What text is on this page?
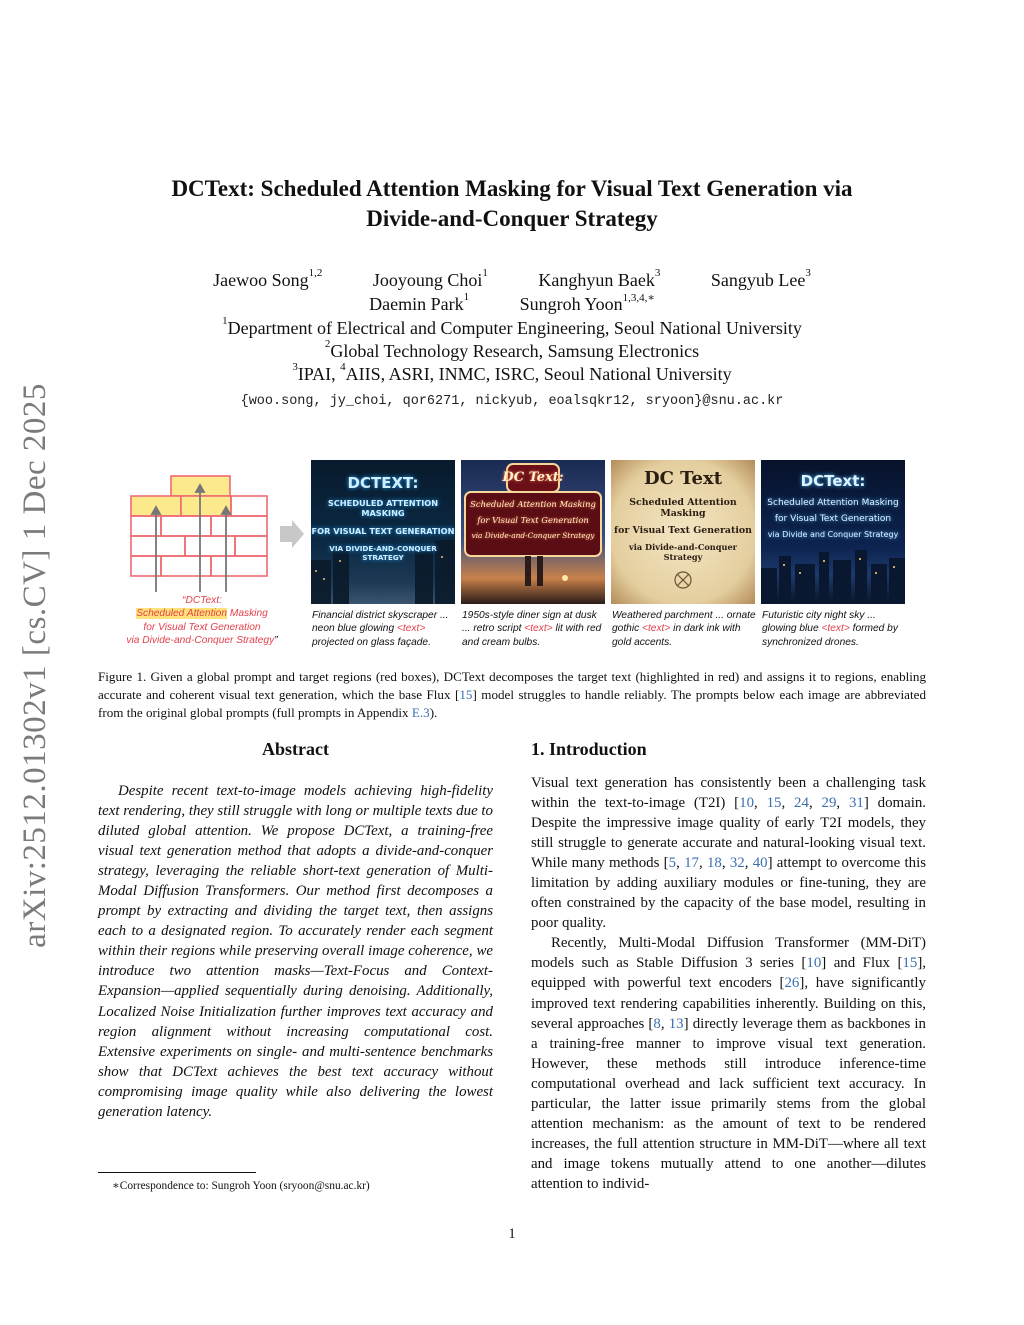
arXiv:2512.01302v1 [cs.CV] 1 Dec 2025
DCText: Scheduled Attention Masking for Visual Text Generation via
Divide-and-Conquer Strategy
Jaewoo Song$^{1,2}$	Jooyoung Choi$^1$	Kanghyun Baek$^3$	Sangyub Lee$^3$
Daemin Park$^1$	Sungroh Yoon$^{1,3,4,∗}$
$^1$Department of Electrical and Computer Engineering, Seoul National University
$^2$Global Technology Research, Samsung Electronics
$^3$IPAI, $^4$AIIS, ASRI, INMC, ISRC, Seoul National University
{woo.song, jy_choi, qor6271, nickyub, eoalsqkr12, sryoon}@snu.ac.kr
“DCText:
Scheduled Attention Masking
for Visual Text Generation
via Divide-and-Conquer Strategy”
DCTEXT:
SCHEDULED ATTENTION MASKING
FOR VISUAL TEXT GENERATION
VIA DIVIDE-AND-CONQUER STRATEGY
DC Text:
Scheduled Attention Masking
for Visual Text Generation
via Divide-and-Conquer Strategy
DC Text
Scheduled Attention Masking
for Visual Text Generation
via Divide-and-Conquer Strategy
DCText:
Scheduled Attention Masking
for Visual Text Generation
via Divide and Conquer Strategy
Financial district skyscraper ... neon blue glowing <text> projected on glass façade.
1950s-style diner sign at dusk ... retro script <text> lit with red and cream bulbs.
Weathered parchment ... ornate gothic <text> in dark ink with gold accents.
Futuristic city night sky ... glowing blue <text> formed by synchronized drones.
Figure 1. Given a global prompt and target regions (red boxes), DCText decomposes the target text (highlighted in red) and assigns it to regions, enabling accurate and coherent visual text generation, which the base Flux [15] model struggles to handle reliably. The prompts below each image are abbreviated from the original global prompts (full prompts in Appendix E.3).
Abstract
Despite recent text-to-image models achieving high-fidelity text rendering, they still struggle with long or multiple texts due to diluted global attention. We propose DCText, a training-free visual text generation method that adopts a divide-and-conquer strategy, leveraging the reliable short-text generation of Multi-Modal Diffusion Transformers. Our method first decomposes a prompt by extracting and dividing the target text, then assigns each to a designated region. To accurately render each segment within their regions while preserving overall image coherence, we introduce two attention masks—Text-Focus and Context-Expansion—applied sequentially during denoising. Additionally, Localized Noise Initialization further improves text accuracy and region alignment without increasing computational cost. Extensive experiments on single- and multi-sentence benchmarks show that DCText achieves the best text accuracy without compromising image quality while also delivering the lowest generation latency.
∗Correspondence to: Sungroh Yoon (sryoon@snu.ac.kr)
1. Introduction

Visual text generation has consistently been a challenging task within the text-to-image (T2I) [10, 15, 24, 29, 31] domain. Despite the impressive image quality of early T2I models, they still struggle to generate accurate and natural-looking visual text. While many methods [5, 17, 18, 32, 40] attempt to overcome this limitation by adding auxiliary modules or fine-tuning, they are often constrained by the capacity of the base model, resulting in poor quality.

Recently, Multi-Modal Diffusion Transformer (MM-DiT) models such as Stable Diffusion 3 series [10] and Flux [15], equipped with powerful text encoders [26], have significantly improved text rendering capabilities inherently. Building on this, several approaches [8, 13] directly leverage them as backbones in a training-free manner to improve visual text generation. However, these methods still introduce inference-time computational overhead and lack sufficient text accuracy. In particular, the latter issue primarily stems from the global attention mechanism: as the amount of text to be rendered increases, the full attention structure in MM-DiT—where all text and image tokens mutually attend to one another—dilutes attention to individ-

1
